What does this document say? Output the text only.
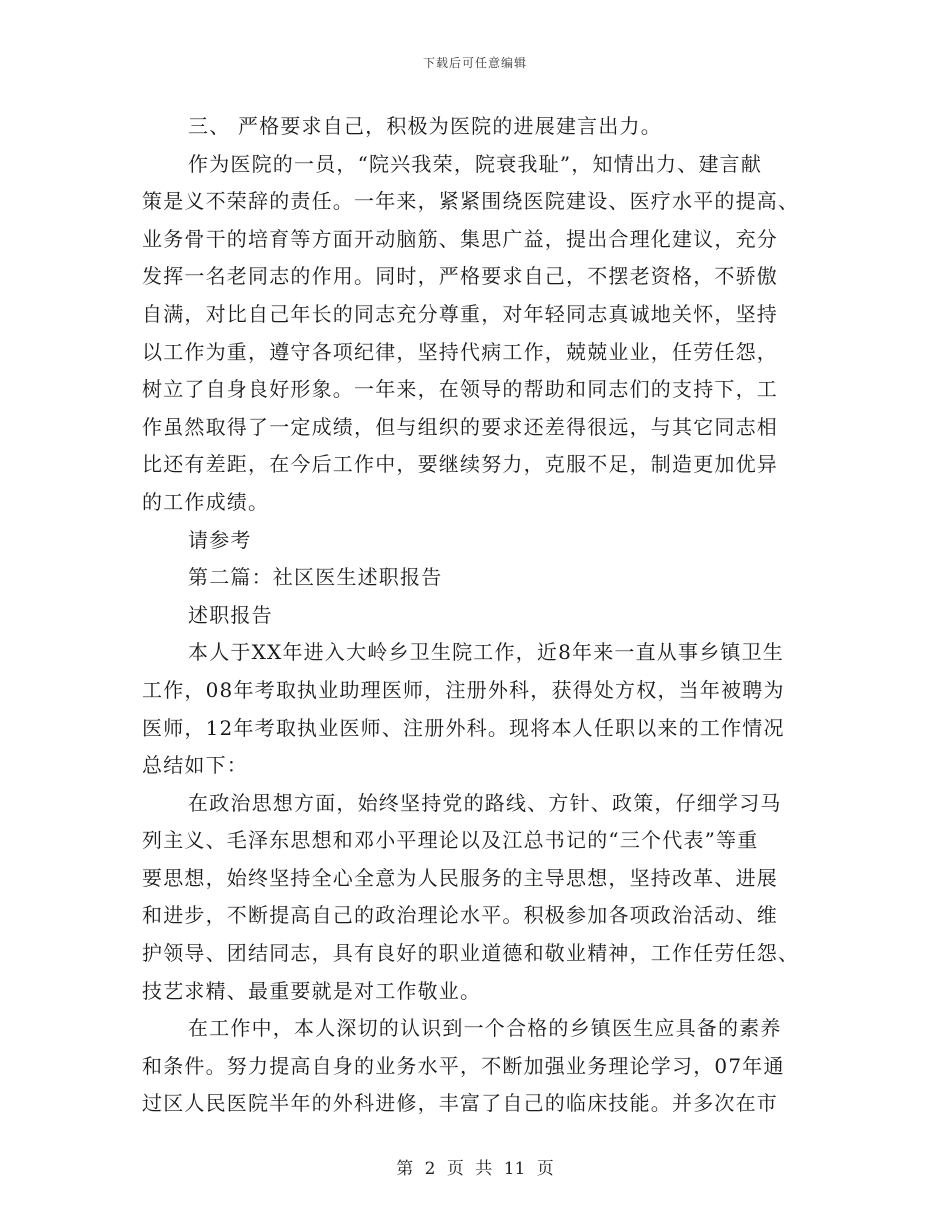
下载后可任意编辑
三、 严格要求自己，积极为医院的进展建言出力。
作为医院的一员，“院兴我荣，院衰我耻”，知情出力、建言献
策是义不荣辞的责任。一年来，紧紧围绕医院建设、医疗水平的提高、
业务骨干的培育等方面开动脑筋、集思广益，提出合理化建议，充分
发挥一名老同志的作用。同时，严格要求自己，不摆老资格，不骄傲
自满，对比自己年长的同志充分尊重，对年轻同志真诚地关怀，坚持
以工作为重，遵守各项纪律，坚持代病工作，兢兢业业，任劳任怨，
树立了自身良好形象。一年来，在领导的帮助和同志们的支持下，工
作虽然取得了一定成绩，但与组织的要求还差得很远，与其它同志相
比还有差距，在今后工作中，要继续努力，克服不足，制造更加优异
的工作成绩。
请参考
第二篇：社区医生述职报告
述职报告
本人于XX年进入大岭乡卫生院工作，近8年来一直从事乡镇卫生
工作，08年考取执业助理医师，注册外科，获得处方权，当年被聘为
医师，12年考取执业医师、注册外科。现将本人任职以来的工作情况
总结如下：
在政治思想方面，始终坚持党的路线、方针、政策，仔细学习马
列主义、毛泽东思想和邓小平理论以及江总书记的“三个代表”等重
要思想，始终坚持全心全意为人民服务的主导思想，坚持改革、进展
和进步，不断提高自己的政治理论水平。积极参加各项政治活动、维
护领导、团结同志，具有良好的职业道德和敬业精神，工作任劳任怨、
技艺求精、最重要就是对工作敬业。
在工作中，本人深切的认识到一个合格的乡镇医生应具备的素养
和条件。努力提高自身的业务水平，不断加强业务理论学习，07年通
过区人民医院半年的外科进修，丰富了自己的临床技能。并多次在市
第 2 页 共 11 页
